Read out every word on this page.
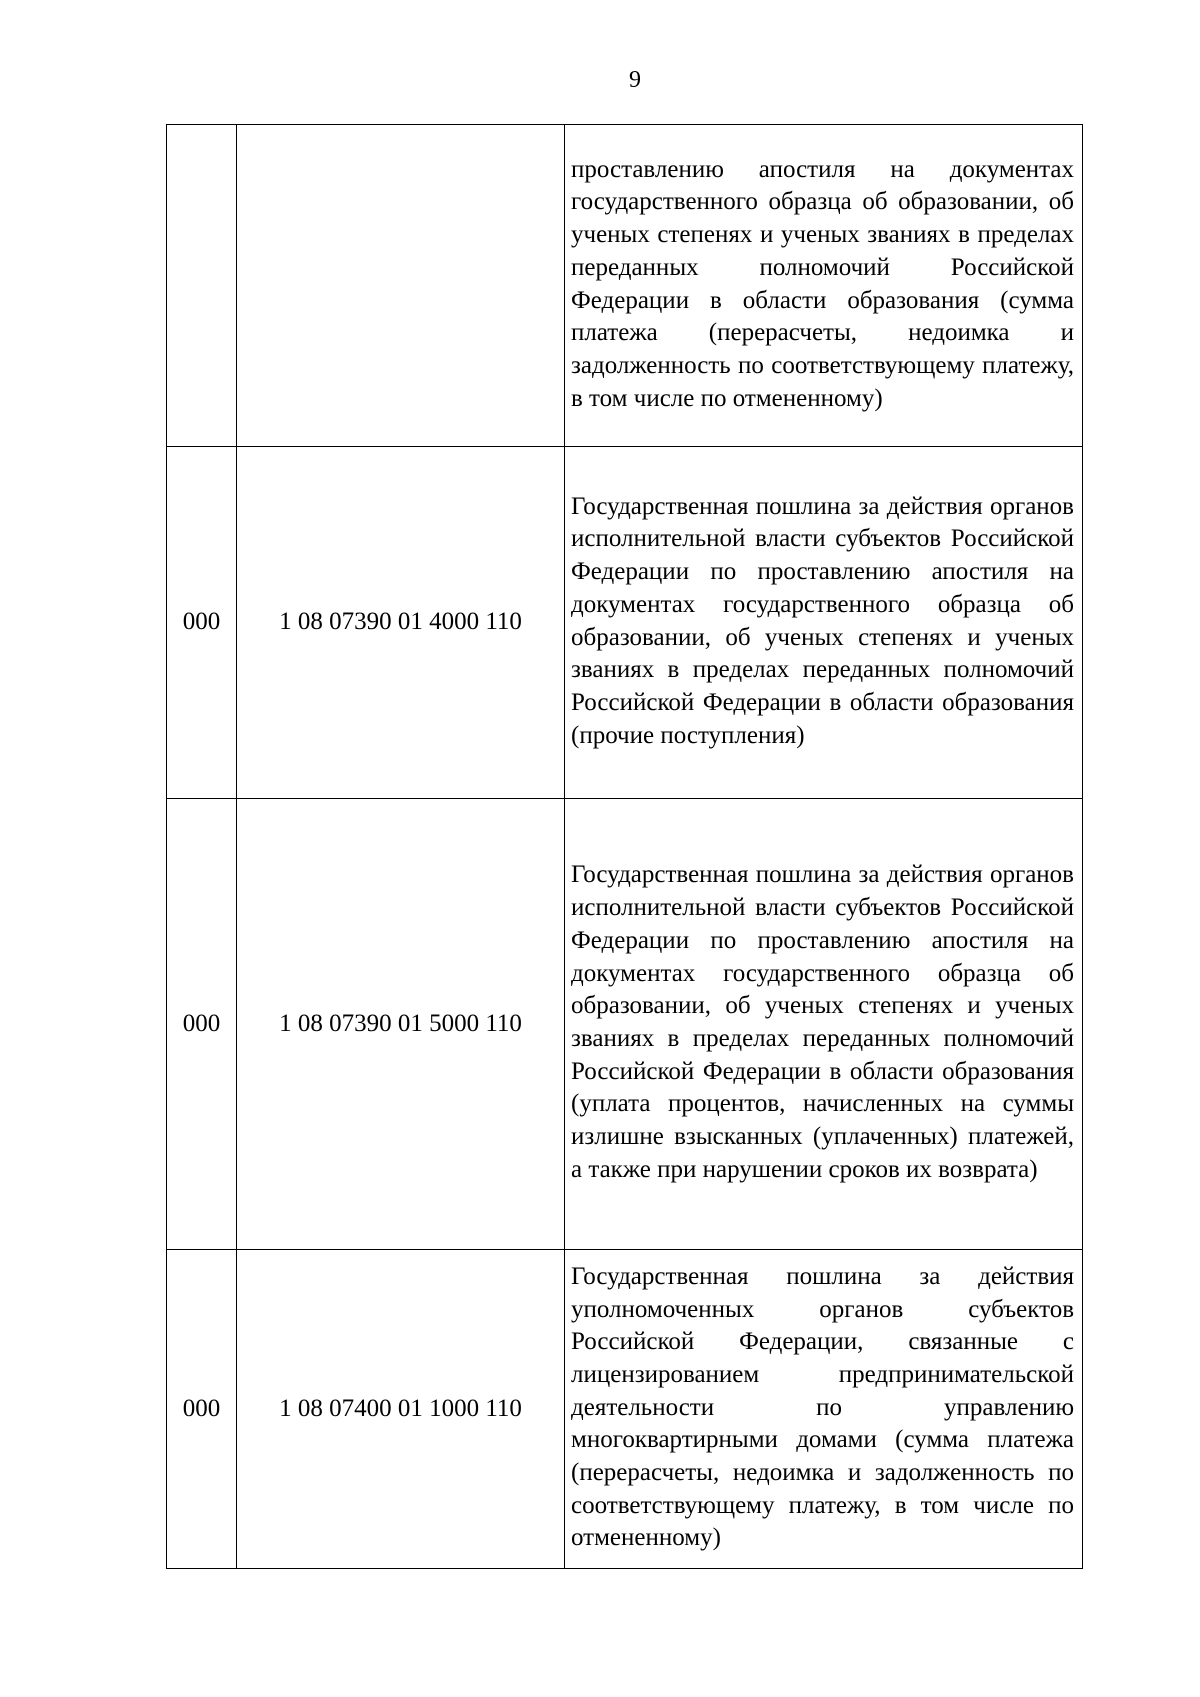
9

		проставлению апостиля на документах государственного образца об образовании, об ученых степенях и ученых званиях в пределах переданных полномочий Российской Федерации в области образования (сумма платежа (перерасчеты, недоимка и задолженность по соответствующему платежу, в том числе по отмененному)

000	1 08 07390 01 4000 110	Государственная пошлина за действия органов исполнительной власти субъектов Российской Федерации по проставлению апостиля на документах государственного образца об образовании, об ученых степенях и ученых званиях в пределах переданных полномочий Российской Федерации в области образования (прочие поступления)

000	1 08 07390 01 5000 110	Государственная пошлина за действия органов исполнительной власти субъектов Российской Федерации по проставлению апостиля на документах государственного образца об образовании, об ученых степенях и ученых званиях в пределах переданных полномочий Российской Федерации в области образования (уплата процентов, начисленных на суммы излишне взысканных (уплаченных) платежей, а также при нарушении сроков их возврата)

000	1 08 07400 01 1000 110	Государственная пошлина за действия уполномоченных органов субъектов Российской Федерации, связанные с лицензированием предпринимательской деятельности по управлению многоквартирными домами (сумма платежа (перерасчеты, недоимка и задолженность по соответствующему платежу, в том числе по отмененному)
